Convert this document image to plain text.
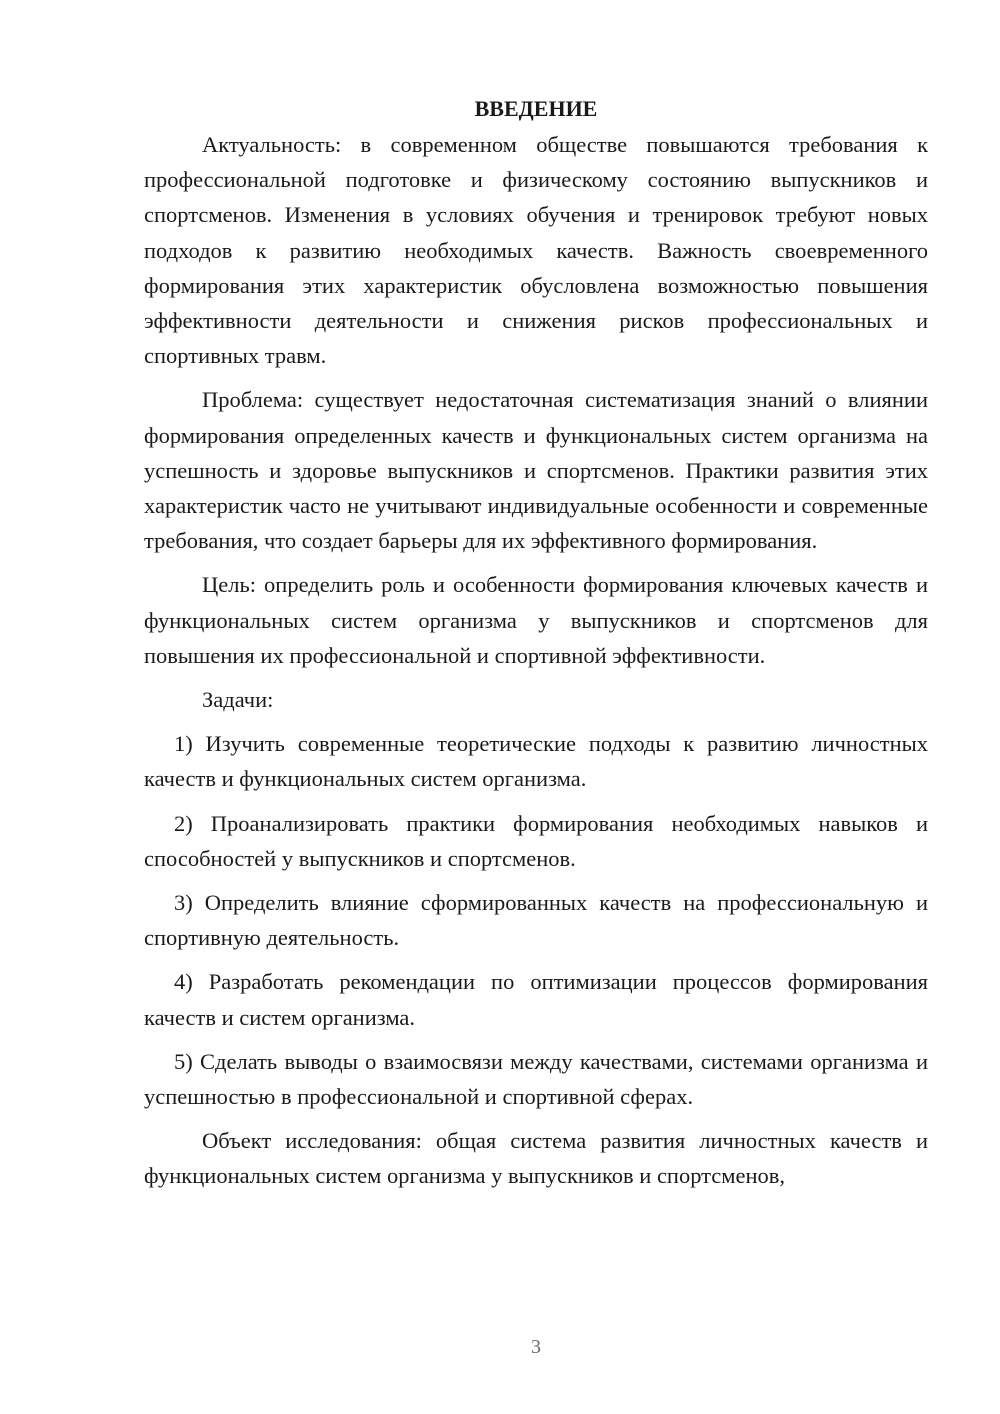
ВВЕДЕНИЕ

Актуальность: в современном обществе повышаются требования к профессиональной подготовке и физическому состоянию выпускников и спортсменов. Изменения в условиях обучения и тренировок требуют новых подходов к развитию необходимых качеств. Важность своевременного формирования этих характеристик обусловлена возможностью повышения эффективности деятельности и снижения рисков профессиональных и спортивных травм.

Проблема: существует недостаточная систематизация знаний о влиянии формирования определенных качеств и функциональных систем организма на успешность и здоровье выпускников и спортсменов. Практики развития этих характеристик часто не учитывают индивидуальные особенности и современные требования, что создает барьеры для их эффективного формирования.

Цель: определить роль и особенности формирования ключевых качеств и функциональных систем организма у выпускников и спортсменов для повышения их профессиональной и спортивной эффективности.

Задачи:

1) Изучить современные теоретические подходы к развитию личностных качеств и функциональных систем организма.

2) Проанализировать практики формирования необходимых навыков и способностей у выпускников и спортсменов.

3) Определить влияние сформированных качеств на профессиональную и спортивную деятельность.

4) Разработать рекомендации по оптимизации процессов формирования качеств и систем организма.

5) Сделать выводы о взаимосвязи между качествами, системами организма и успешностью в профессиональной и спортивной сферах.

Объект исследования: общая система развития личностных качеств и функциональных систем организма у выпускников и спортсменов,

3
